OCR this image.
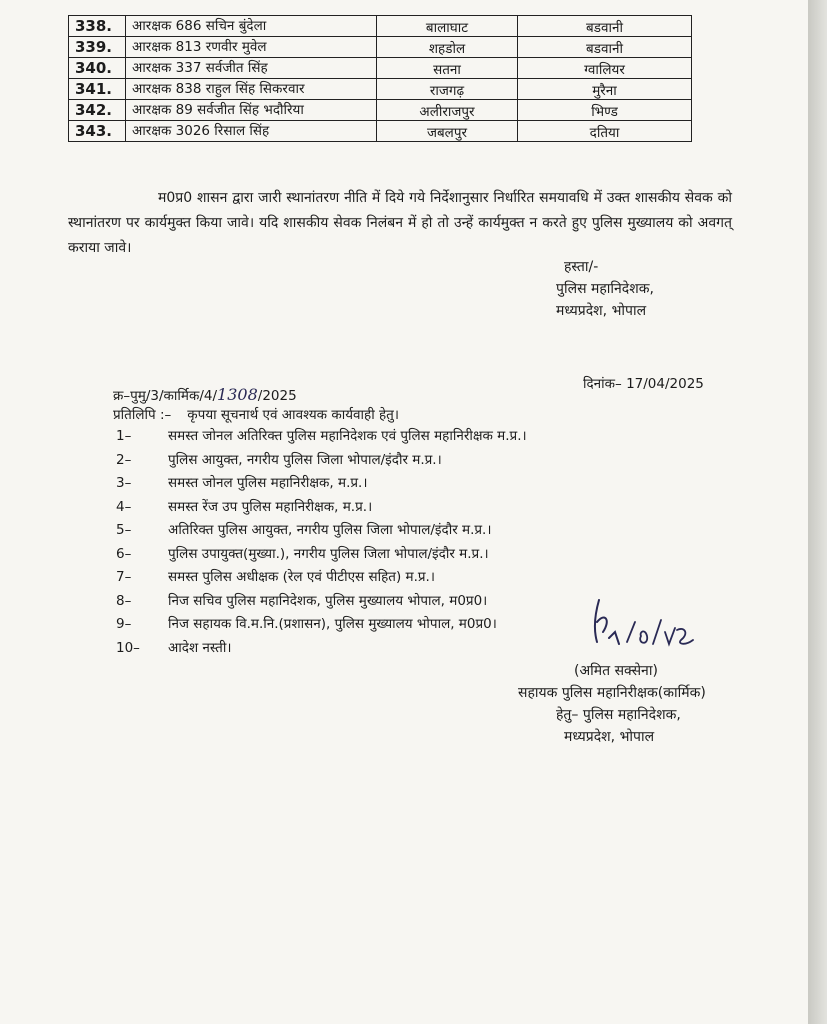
338.	आरक्षक 686 सचिन बुंदेला	बालाघाट	बडवानी
339.	आरक्षक 813 रणवीर मुवेल	शहडोल	बडवानी
340.	आरक्षक 337 सर्वजीत सिंह	सतना	ग्वालियर
341.	आरक्षक 838 राहुल सिंह सिकरवार	राजगढ़	मुरैना
342.	आरक्षक 89 सर्वजीत सिंह भदौरिया	अलीराजपुर	भिण्ड
343.	आरक्षक 3026 रिसाल सिंह	जबलपुर	दतिया
म0प्र0 शासन द्वारा जारी स्थानांतरण नीति में दिये गये निर्देशानुसार निर्धारित समयावधि में उक्त शासकीय सेवक को स्थानांतरण पर कार्यमुक्त किया जावे। यदि शासकीय सेवक निलंबन में हो तो उन्हें कार्यमुक्त न करते हुए पुलिस मुख्यालय को अवगत् कराया जावे।
हस्ता/-
पुलिस महानिदेशक,
मध्यप्रदेश, भोपाल
क्र–पुमु/3/कार्मिक/4/1308/2025
दिनांक– 17/04/2025
प्रतिलिपि :– कृपया सूचनार्थ एवं आवश्यक कार्यवाही हेतु।
1–	समस्त जोनल अतिरिक्त पुलिस महानिदेशक एवं पुलिस महानिरीक्षक म.प्र.।
2–	पुलिस आयुक्त, नगरीय पुलिस जिला भोपाल/इंदौर म.प्र.।
3–	समस्त जोनल पुलिस महानिरीक्षक, म.प्र.।
4–	समस्त रेंज उप पुलिस महानिरीक्षक, म.प्र.।
5–	अतिरिक्त पुलिस आयुक्त, नगरीय पुलिस जिला भोपाल/इंदौर म.प्र.।
6–	पुलिस उपायुक्त(मुख्या.), नगरीय पुलिस जिला भोपाल/इंदौर म.प्र.।
7–	समस्त पुलिस अधीक्षक (रेल एवं पीटीएस सहित) म.प्र.।
8–	निज सचिव पुलिस महानिदेशक, पुलिस मुख्यालय भोपाल, म0प्र0।
9–	निज सहायक वि.म.नि.(प्रशासन), पुलिस मुख्यालय भोपाल, म0प्र0।
10– आदेश नस्ती।
(अमित सक्सेना)
सहायक पुलिस महानिरीक्षक(कार्मिक)
हेतु– पुलिस महानिदेशक,
मध्यप्रदेश, भोपाल
